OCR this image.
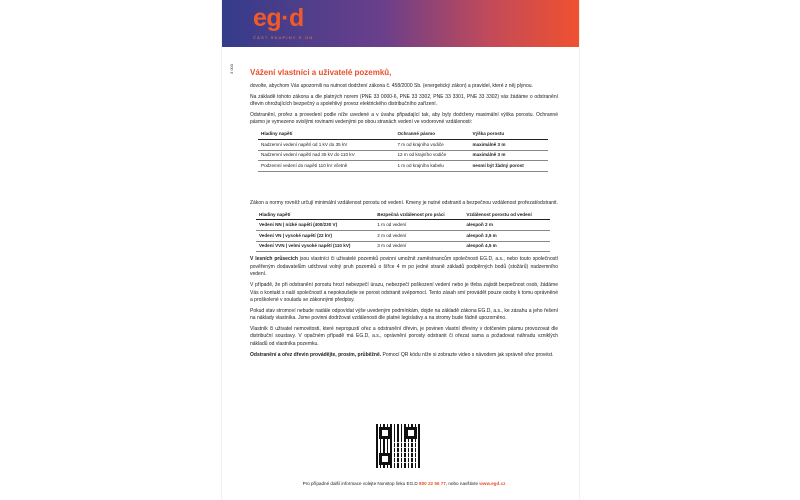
eg·d
ČÁST SKUPINY E.ON
3 000 Vážení vlastníci a uživatelé pozemků,

dovolte, abychom Vás upozornili na nutnost dodržení zákona č. 458/2000 Sb. (energetický zákon) a pravidel, které z něj plynou.

Na základě tohoto zákona a dle platných norem (PNE 33 0000-6, PNE 33 3302, PNE 33 3301, PNE 33 3302) vás žádáme o odstranění dřevin ohrožujících bezpečný a spolehlivý provoz elektrického distribučního zařízení.

Odstranění, prořez a provedení podle níže uvedené a v úvahu připadající tak, aby byly dodrženy maximální výška porostu. Ochranné pásmo je vymezeno svislými rovinami vedenými po obou stranách vedení ve vodorovné vzdálenosti:

Hladiny napětí	Ochranné pásmo	Výška porostu
Nadzemní vedení napětí od 1 kV do 35 kV	7 m od krajního vodiče	maximálně 3 m
Nadzemní vedení napětí nad 35 kV do 110 kV	12 m od krajního vodiče	maximálně 3 m
Podzemní vedení do napětí 110 kV včetně	1 m od krajního kabelu	nesmí být žádný porost

Zákon a normy rovněž určují minimální vzdálenost porostu od vedení. Kmeny je nutné odstranit a bezpečnou vzdálenost prořezat/odstranit.

Hladiny napětí	Bezpečná vzdálenost pro práci	Vzdálenost porostu od vedení
Vedení NN | nízké napětí (400/230 V)	1 m od vedení	alespoň 2 m
Vedení VN | vysoké napětí (22 kV)	2 m od vedení	alespoň 3,5 m
Vedení VVN | velmi vysoké napětí (110 kV)	3 m od vedení	alespoň 4,5 m

V lesních průsecích jsou vlastníci či uživatelé pozemků povinni umožnit zaměstnancům společnosti EG.D, a.s., nebo touto společností pověřeným dodavatelům udržovat volný pruh pozemků o šířce 4 m po jedné straně základů podpěrných bodů (stožárů) nadzemního vedení.

V případě, že při odstranění porostu hrozí nebezpečí úrazu, nebezpečí poškození vedení nebo je třeba zajistit bezpečnost osob, žádáme Vás o kontakt s naší společností a nepokoušejte se porost odstranit svépomocí. Tento zásah smí provádět pouze osoby k tomu oprávněné a proškolené v souladu se zákonnými předpisy.

Pokud stav stromoví nebude nadále odpovídat výše uvedeným podmínkám, dojde na základě zákona EG.D, a.s., ke zásahu a jeho řešení na náklady vlastníka. Jsme povinni dodržovat vzdálenosti dle platné legislativy a na stromy bude řádně upozorněno.

Vlastník či uživatel nemovitosti, které nepropustí ořez a odstranění dřevin, je povinen vlastní dřeviny v dotčeném pásmu provozovat dle distribuční soustavy. V opačném případě má EG.D, a.s., oprávnění porosty odstranit či ořezat sama a požadovat náhradu vzniklých nákladů od vlastníka pozemku.

Odstranění a ořez dřevin provádějte, prosím, průběžně. Pomocí QR kódu níže si zobrazte video s návodem jak správně ořez provést.

Pro případné další informace volejte Nonstop linku EG.D 800 22 55 77, nebo navštivte www.egd.cz
